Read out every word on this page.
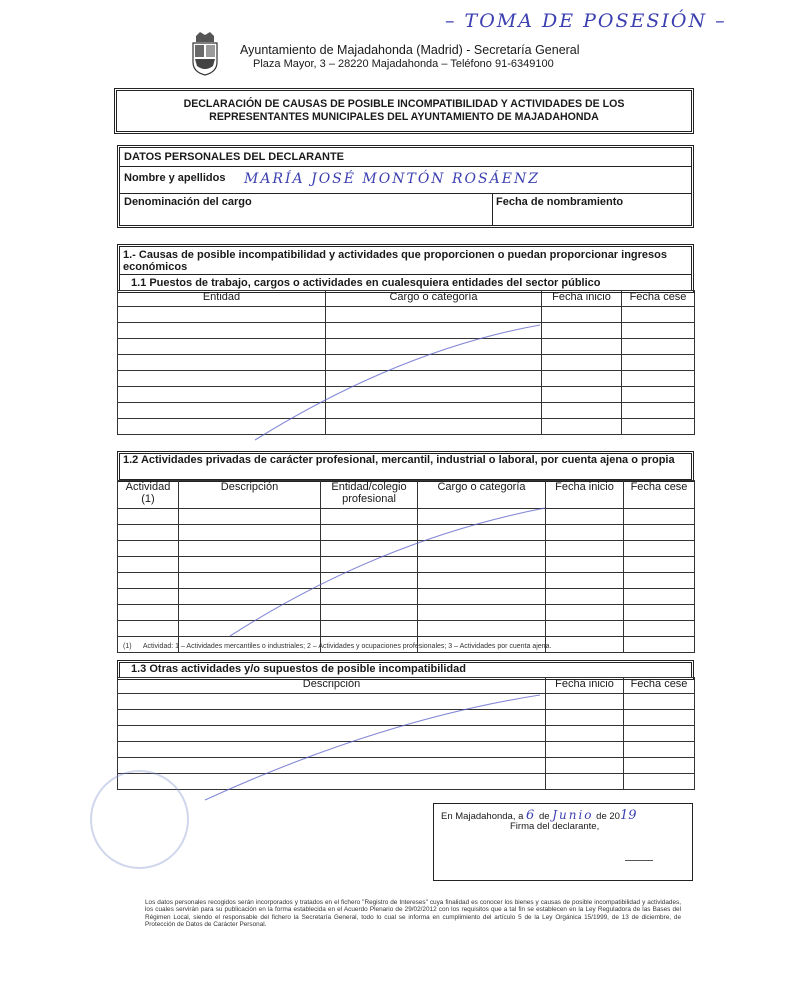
– TOMA DE POSESIÓN –
Ayuntamiento de Majadahonda (Madrid) - Secretaría General
Plaza Mayor, 3 – 28220 Majadahonda – Teléfono 91-6349100
DECLARACIÓN DE CAUSAS DE POSIBLE INCOMPATIBILIDAD Y ACTIVIDADES DE LOS
REPRESENTANTES MUNICIPALES DEL AYUNTAMIENTO DE MAJADAHONDA
DATOS PERSONALES DEL DECLARANTE
Nombre y apellidos MARÍA JOSÉ MONTÓN ROSÁENZ
Denominación del cargo	Fecha de nombramiento
1.- Causas de posible incompatibilidad y actividades que proporcionen o puedan proporcionar ingresos económicos
1.1 Puestos de trabajo, cargos o actividades en cualesquiera entidades del sector público
Entidad	Cargo o categoría	Fecha inicio	Fecha cese

1.2 Actividades privadas de carácter profesional, mercantil, industrial o laboral, por cuenta ajena o propia
Actividad (1)	Descripción	Entidad/colegio profesional	Cargo o categoría	Fecha inicio	Fecha cese

(1)      Actividad: 1 – Actividades mercantiles o industriales; 2 – Actividades y ocupaciones profesionales; 3 – Actividades por cuenta ajena.
1.3 Otras actividades y/o supuestos de posible incompatibilidad
Descripción	Fecha inicio	Fecha cese

En Majadahonda, a 6 de Junio de 2019
Firma del declarante,
Los datos personales recogidos serán incorporados y tratados en el fichero "Registro de Intereses" cuya finalidad es conocer los bienes y causas de posible incompatibilidad y actividades, los cuales servirán para su publicación en la forma establecida en el Acuerdo Plenario de 29/02/2012 con los requisitos que a tal fin se establecen en la Ley Reguladora de las Bases del Régimen Local, siendo el responsable del fichero la Secretaría General, todo lo cual se informa en cumplimiento del artículo 5 de la Ley Orgánica 15/1999, de 13 de diciembre, de Protección de Datos de Carácter Personal.
